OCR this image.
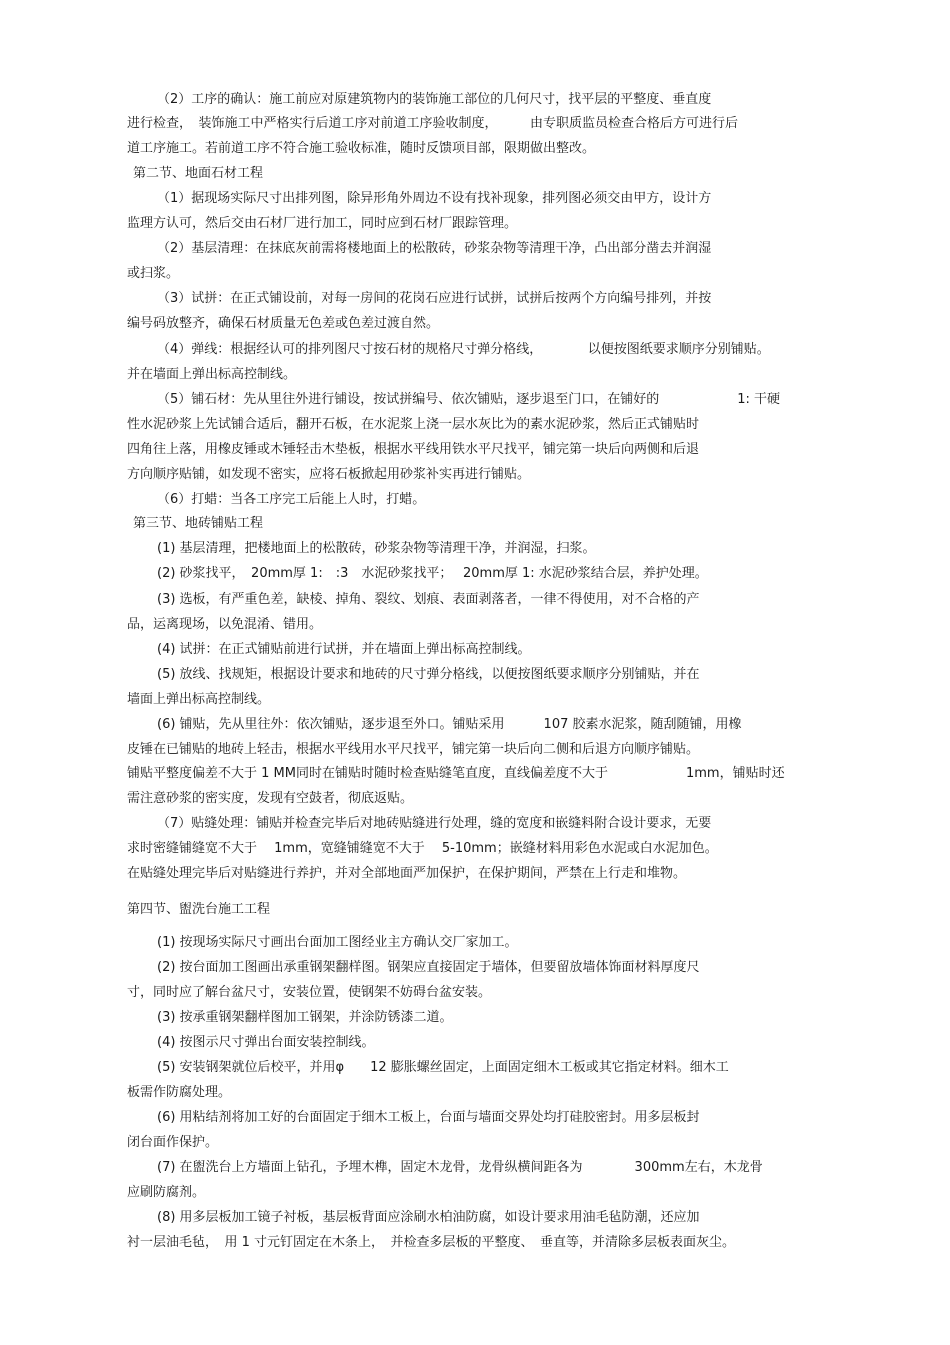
（2）工序的确认：施工前应对原建筑物内的装饰施工部位的几何尺寸，找平层的平整度、垂直度
进行检查，　装饰施工中严格实行后道工序对前道工序验收制度，　　　由专职质监员检查合格后方可进行后
道工序施工。若前道工序不符合施工验收标准，随时反馈项目部，限期做出整改。
第二节、地面石材工程
（1）据现场实际尺寸出排列图，除异形角外周边不设有找补现象，排列图必须交由甲方，设计方
监理方认可，然后交由石材厂进行加工，同时应到石材厂跟踪管理。
（2）基层清理：在抹底灰前需将楼地面上的松散砖，砂浆杂物等清理干净，凸出部分凿去并润湿
或扫浆。
（3）试拼：在正式铺设前，对每一房间的花岗石应进行试拼，试拼后按两个方向编号排列，并按
编号码放整齐，确保石材质量无色差或色差过渡自然。
（4）弹线：根据经认可的排列图尺寸按石材的规格尺寸弹分格线，　　　　以便按图纸要求顺序分别铺贴。
并在墙面上弹出标高控制线。
（5）铺石材：先从里往外进行铺设，按试拼编号、依次铺贴，逐步退至门口，在铺好的　　　　　　1: 干硬
性水泥砂浆上先试铺合适后，翻开石板，在水泥浆上浇一层水灰比为的素水泥砂浆，然后正式铺贴时
四角往上落，用橡皮锤或木锤轻击木垫板，根据水平线用铁水平尺找平，铺完第一块后向两侧和后退
方向顺序贴铺，如发现不密实，应将石板掀起用砂浆补实再进行铺贴。
（6）打蜡：当各工序完工后能上人时，打蜡。
第三节、地砖铺贴工程
(1) 基层清理，把楼地面上的松散砖，砂浆杂物等清理干净，并润湿，扫浆。
(2) 砂浆找平，　20mm厚 1:　:3　水泥砂浆找平；　 20mm厚 1: 水泥砂浆结合层，养护处理。
(3) 选板，有严重色差，缺棱、掉角、裂纹、划痕、表面剥落者，一律不得使用，对不合格的产
品，运离现场，以免混淆、错用。
(4) 试拼：在正式铺贴前进行试拼，并在墙面上弹出标高控制线。
(5) 放线、找规矩，根据设计要求和地砖的尺寸弹分格线，以便按图纸要求顺序分别铺贴，并在
墙面上弹出标高控制线。
(6) 铺贴，先从里往外：依次铺贴，逐步退至外口。铺贴采用　　　107 胶素水泥浆，随刮随铺，用橡
皮锤在已铺贴的地砖上轻击，根据水平线用水平尺找平，铺完第一块后向二侧和后退方向顺序铺贴。
铺贴平整度偏差不大于 1 MM同时在铺贴时随时检查贴缝笔直度，直线偏差度不大于　　　　　　1mm，铺贴时还
需注意砂浆的密实度，发现有空鼓者，彻底返贴。
（7）贴缝处理：铺贴并检查完毕后对地砖贴缝进行处理，缝的宽度和嵌缝料附合设计要求，无要
求时密缝铺缝宽不大于　 1mm，宽缝铺缝宽不大于　 5-10mm；嵌缝材料用彩色水泥或白水泥加色。
在贴缝处理完毕后对贴缝进行养护，并对全部地面严加保护，在保护期间，严禁在上行走和堆物。
第四节、盥洗台施工工程
(1) 按现场实际尺寸画出台面加工图经业主方确认交厂家加工。
(2) 按台面加工图画出承重钢架翻样图。钢架应直接固定于墙体，但要留放墙体饰面材料厚度尺
寸，同时应了解台盆尺寸，安装位置，使钢架不妨碍台盆安装。
(3) 按承重钢架翻样图加工钢架，并涂防锈漆二道。
(4) 按图示尺寸弹出台面安装控制线。
(5) 安装钢架就位后校平，并用φ　　12 膨胀螺丝固定，上面固定细木工板或其它指定材料。细木工
板需作防腐处理。
(6) 用粘结剂将加工好的台面固定于细木工板上，台面与墙面交界处均打硅胶密封。用多层板封
闭台面作保护。
(7) 在盥洗台上方墙面上钻孔，予埋木榫，固定木龙骨，龙骨纵横间距各为　　　　300mm左右，木龙骨
应刷防腐剂。
(8) 用多层板加工镜子衬板，基层板背面应涂刷水柏油防腐，如设计要求用油毛毡防潮，还应加
衬一层油毛毡，　用 1 寸元钉固定在木条上，　并检查多层板的平整度、　垂直等，并清除多层板表面灰尘。
